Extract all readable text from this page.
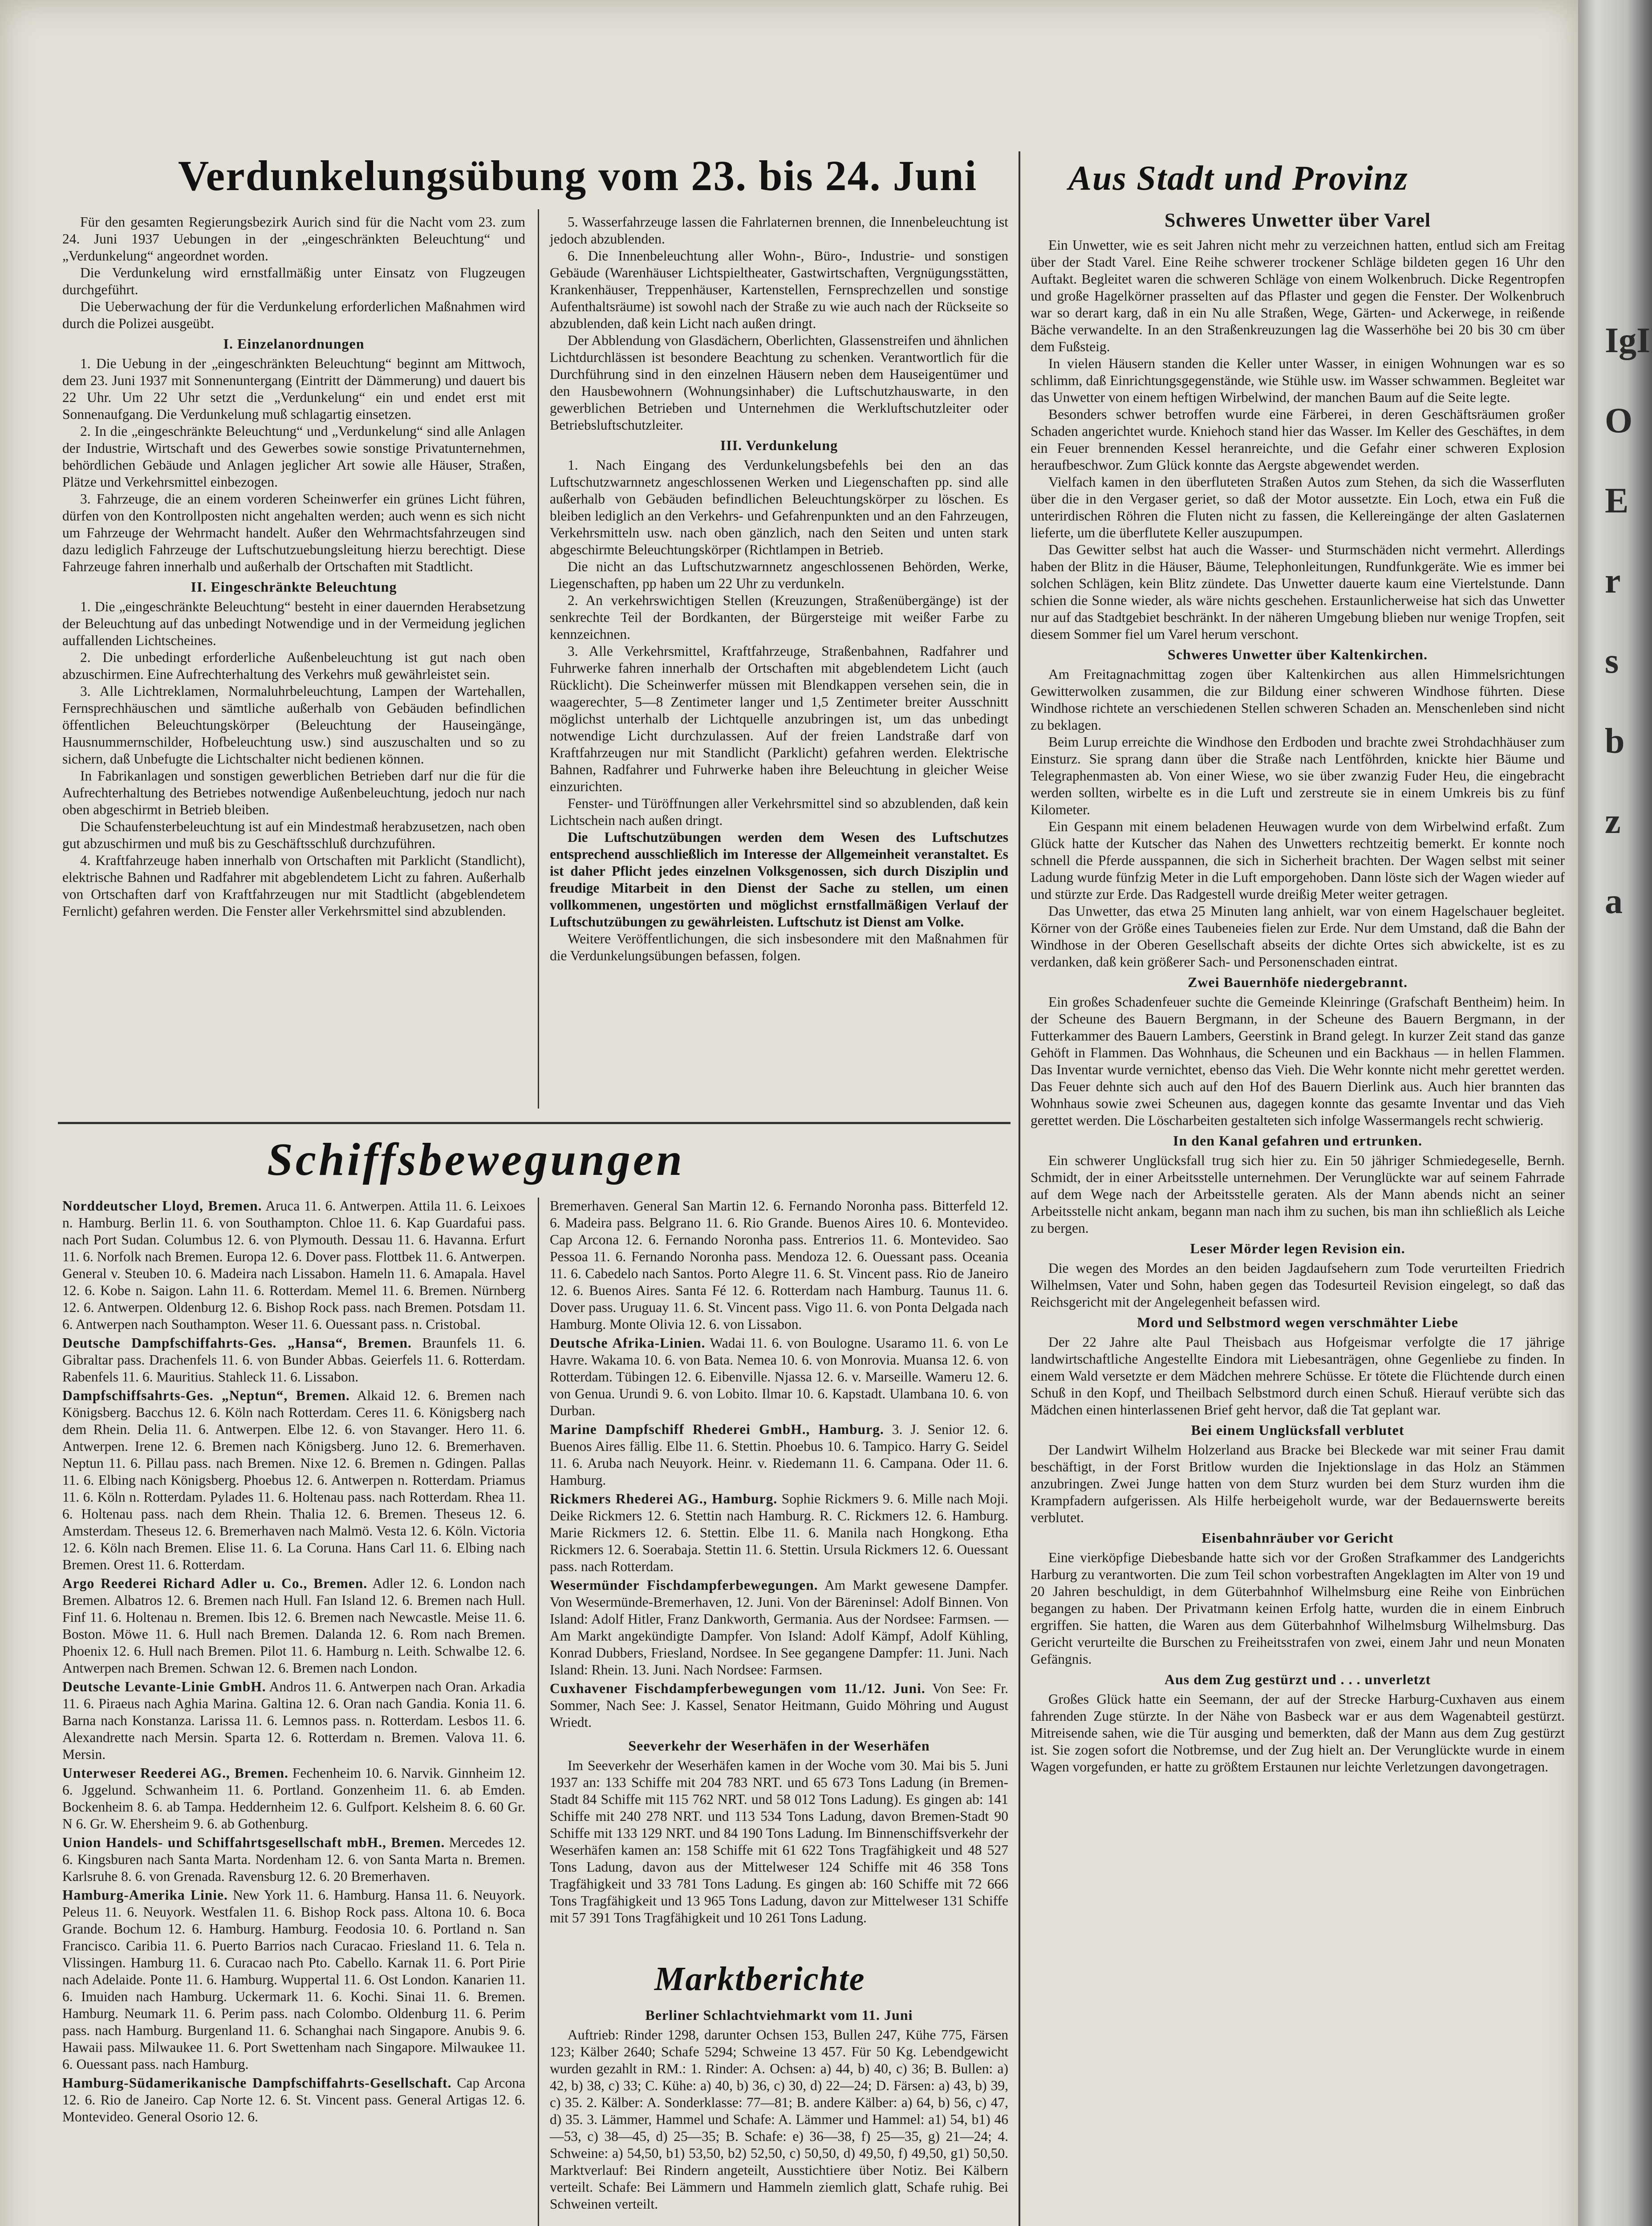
Verdunkelungsübung vom 23. bis 24. Juni	Aus Stadt und Provinz

Für den gesamten Regierungsbezirk Aurich sind für die Nacht vom 23. zum 24. Juni 1937 Uebungen in der „eingeschränkten Beleuchtung“ und „Verdunkelung“ angeordnet worden.

Die Verdunkelung wird ernstfallmäßig unter Einsatz von Flugzeugen durchgeführt.

Die Ueberwachung der für die Verdunkelung erforderlichen Maßnahmen wird durch die Polizei ausgeübt.

I. Einzelanordnungen

1. Die Uebung in der „eingeschränkten Beleuchtung“ beginnt am Mittwoch, dem 23. Juni 1937 mit Sonnenuntergang (Eintritt der Dämmerung) und dauert bis 22 Uhr. Um 22 Uhr setzt die „Verdunkelung“ ein und endet erst mit Sonnenaufgang. Die Verdunkelung muß schlagartig einsetzen.

2. In die „eingeschränkte Beleuchtung“ und „Verdunkelung“ sind alle Anlagen der Industrie, Wirtschaft und des Gewerbes sowie sonstige Privatunternehmen, behördlichen Gebäude und Anlagen jeglicher Art sowie alle Häuser, Straßen, Plätze und Verkehrsmittel einbezogen.

3. Fahrzeuge, die an einem vorderen Scheinwerfer ein grünes Licht führen, dürfen von den Kontrollposten nicht angehalten werden; auch wenn es sich nicht um Fahrzeuge der Wehrmacht handelt. Außer den Wehrmachtsfahrzeugen sind dazu lediglich Fahrzeuge der Luftschutzuebungsleitung hierzu berechtigt. Diese Fahrzeuge fahren innerhalb und außerhalb der Ortschaften mit Stadtlicht.

II. Eingeschränkte Beleuchtung

1. Die „eingeschränkte Beleuchtung“ besteht in einer dauernden Herabsetzung der Beleuchtung auf das unbedingt Notwendige und in der Vermeidung jeglichen auffallenden Lichtscheines.

2. Die unbedingt erforderliche Außenbeleuchtung ist gut nach oben abzuschirmen. Eine Aufrechterhaltung des Verkehrs muß gewährleistet sein.

3. Alle Lichtreklamen, Normaluhrbeleuchtung, Lampen der Wartehallen, Fernsprechhäuschen und sämtliche außerhalb von Gebäuden befindlichen öffentlichen Beleuchtungskörper (Beleuchtung der Hauseingänge, Hausnummernschilder, Hofbeleuchtung usw.) sind auszuschalten und so zu sichern, daß Unbefugte die Lichtschalter nicht bedienen können.

In Fabrikanlagen und sonstigen gewerblichen Betrieben darf nur die für die Aufrechterhaltung des Betriebes notwendige Außenbeleuchtung, jedoch nur nach oben abgeschirmt in Betrieb bleiben.

Die Schaufensterbeleuchtung ist auf ein Mindestmaß herabzusetzen, nach oben gut abzuschirmen und muß bis zu Geschäftsschluß durchzuführen.

4. Kraftfahrzeuge haben innerhalb von Ortschaften mit Parklicht (Standlicht), elektrische Bahnen und Radfahrer mit abgeblendetem Licht zu fahren. Außerhalb von Ortschaften darf von Kraftfahrzeugen nur mit Stadtlicht (abgeblendetem Fernlicht) gefahren werden. Die Fenster aller Verkehrsmittel sind abzublenden.

5. Wasserfahrzeuge lassen die Fahrlaternen brennen, die Innenbeleuchtung ist jedoch abzublenden.

6. Die Innenbeleuchtung aller Wohn-, Büro-, Industrie- und sonstigen Gebäude (Warenhäuser Lichtspieltheater, Gastwirtschaften, Vergnügungsstätten, Krankenhäuser, Treppenhäuser, Kartenstellen, Fernsprechzellen und sonstige Aufenthaltsräume) ist sowohl nach der Straße zu wie auch nach der Rückseite so abzublenden, daß kein Licht nach außen dringt.

Der Abblendung von Glasdächern, Oberlichten, Glassenstreifen und ähnlichen Lichtdurchlässen ist besondere Beachtung zu schenken. Verantwortlich für die Durchführung sind in den einzelnen Häusern neben dem Hauseigentümer und den Hausbewohnern (Wohnungsinhaber) die Luftschutzhauswarte, in den gewerblichen Betrieben und Unternehmen die Werkluftschutzleiter oder Betriebsluftschutzleiter.

III. Verdunkelung

1. Nach Eingang des Verdunkelungsbefehls bei den an das Luftschutzwarnnetz angeschlossenen Werken und Liegenschaften pp. sind alle außerhalb von Gebäuden befindlichen Beleuchtungskörper zu löschen. Es bleiben lediglich an den Verkehrs- und Gefahrenpunkten und an den Fahrzeugen, Verkehrsmitteln usw. nach oben gänzlich, nach den Seiten und unten stark abgeschirmte Beleuchtungskörper (Richtlampen in Betrieb.

Die nicht an das Luftschutzwarnnetz angeschlossenen Behörden, Werke, Liegenschaften, pp haben um 22 Uhr zu verdunkeln.

2. An verkehrswichtigen Stellen (Kreuzungen, Straßenübergänge) ist der senkrechte Teil der Bordkanten, der Bürgersteige mit weißer Farbe zu kennzeichnen.

3. Alle Verkehrsmittel, Kraftfahrzeuge, Straßenbahnen, Radfahrer und Fuhrwerke fahren innerhalb der Ortschaften mit abgeblendetem Licht (auch Rücklicht). Die Scheinwerfer müssen mit Blendkappen versehen sein, die in waagerechter, 5—8 Zentimeter langer und 1,5 Zentimeter breiter Ausschnitt möglichst unterhalb der Lichtquelle anzubringen ist, um das unbedingt notwendige Licht durchzulassen. Auf der freien Landstraße darf von Kraftfahrzeugen nur mit Standlicht (Parklicht) gefahren werden. Elektrische Bahnen, Radfahrer und Fuhrwerke haben ihre Beleuchtung in gleicher Weise einzurichten.

Fenster- und Türöffnungen aller Verkehrsmittel sind so abzublenden, daß kein Lichtschein nach außen dringt.

Die Luftschutzübungen werden dem Wesen des Luftschutzes entsprechend ausschließlich im Interesse der Allgemeinheit veranstaltet. Es ist daher Pflicht jedes einzelnen Volksgenossen, sich durch Disziplin und freudige Mitarbeit in den Dienst der Sache zu stellen, um einen vollkommenen, ungestörten und möglichst ernstfallmäßigen Verlauf der Luftschutzübungen zu gewährleisten. Luftschutz ist Dienst am Volke.

Weitere Veröffentlichungen, die sich insbesondere mit den Maßnahmen für die Verdunkelungsübungen befassen, folgen.

Schiffsbewegungen

Norddeutscher Lloyd, Bremen. Aruca 11. 6. Antwerpen. Attila 11. 6. Leixoes n. Hamburg. Berlin 11. 6. von Southampton. Chloe 11. 6. Kap Guardafui pass. nach Port Sudan. Columbus 12. 6. von Plymouth. Dessau 11. 6. Havanna. Erfurt 11. 6. Norfolk nach Bremen. Europa 12. 6. Dover pass. Flottbek 11. 6. Antwerpen. General v. Steuben 10. 6. Madeira nach Lissabon. Hameln 11. 6. Amapala. Havel 12. 6. Kobe n. Saigon. Lahn 11. 6. Rotterdam. Memel 11. 6. Bremen. Nürnberg 12. 6. Antwerpen. Oldenburg 12. 6. Bishop Rock pass. nach Bremen. Potsdam 11. 6. Antwerpen nach Southampton. Weser 11. 6. Ouessant pass. n. Cristobal.

Deutsche Dampfschiffahrts-Ges. „Hansa“, Bremen. Braunfels 11. 6. Gibraltar pass. Drachenfels 11. 6. von Bunder Abbas. Geierfels 11. 6. Rotterdam. Rabenfels 11. 6. Mauritius. Stahleck 11. 6. Lissabon.

Dampfschiffsahrts-Ges. „Neptun“, Bremen. Alkaid 12. 6. Bremen nach Königsberg. Bacchus 12. 6. Köln nach Rotterdam. Ceres 11. 6. Königsberg nach dem Rhein. Delia 11. 6. Antwerpen. Elbe 12. 6. von Stavanger. Hero 11. 6. Antwerpen. Irene 12. 6. Bremen nach Königsberg. Juno 12. 6. Bremerhaven. Neptun 11. 6. Pillau pass. nach Bremen. Nixe 12. 6. Bremen n. Gdingen. Pallas 11. 6. Elbing nach Königsberg. Phoebus 12. 6. Antwerpen n. Rotterdam. Priamus 11. 6. Köln n. Rotterdam. Pylades 11. 6. Holtenau pass. nach Rotterdam. Rhea 11. 6. Holtenau pass. nach dem Rhein. Thalia 12. 6. Bremen. Theseus 12. 6. Amsterdam. Theseus 12. 6. Bremerhaven nach Malmö. Vesta 12. 6. Köln. Victoria 12. 6. Köln nach Bremen. Elise 11. 6. La Coruna. Hans Carl 11. 6. Elbing nach Bremen. Orest 11. 6. Rotterdam.

Argo Reederei Richard Adler u. Co., Bremen. Adler 12. 6. London nach Bremen. Albatros 12. 6. Bremen nach Hull. Fan Island 12. 6. Bremen nach Hull. Finf 11. 6. Holtenau n. Bremen. Ibis 12. 6. Bremen nach Newcastle. Meise 11. 6. Boston. Möwe 11. 6. Hull nach Bremen. Dalanda 12. 6. Rom nach Bremen. Phoenix 12. 6. Hull nach Bremen. Pilot 11. 6. Hamburg n. Leith. Schwalbe 12. 6. Antwerpen nach Bremen. Schwan 12. 6. Bremen nach London.

Deutsche Levante-Linie GmbH. Andros 11. 6. Antwerpen nach Oran. Arkadia 11. 6. Piraeus nach Aghia Marina. Galtina 12. 6. Oran nach Gandia. Konia 11. 6. Barna nach Konstanza. Larissa 11. 6. Lemnos pass. n. Rotterdam. Lesbos 11. 6. Alexandrette nach Mersin. Sparta 12. 6. Rotterdam n. Bremen. Valova 11. 6. Mersin.

Unterweser Reederei AG., Bremen. Fechenheim 10. 6. Narvik. Ginnheim 12. 6. Jggelund. Schwanheim 11. 6. Portland. Gonzenheim 11. 6. ab Emden. Bockenheim 8. 6. ab Tampa. Heddernheim 12. 6. Gulfport. Kelsheim 8. 6. 60 Gr. N 6. Gr. W. Ehersheim 9. 6. ab Gothenburg.

Union Handels- und Schiffahrtsgesellschaft mbH., Bremen. Mercedes 12. 6. Kingsburen nach Santa Marta. Nordenham 12. 6. von Santa Marta n. Bremen. Karlsruhe 8. 6. von Grenada. Ravensburg 12. 6. 20 Bremerhaven.

Hamburg-Amerika Linie. New York 11. 6. Hamburg. Hansa 11. 6. Neuyork. Peleus 11. 6. Neuyork. Westfalen 11. 6. Bishop Rock pass. Altona 10. 6. Boca Grande. Bochum 12. 6. Hamburg. Hamburg. Feodosia 10. 6. Portland n. San Francisco. Caribia 11. 6. Puerto Barrios nach Curacao. Friesland 11. 6. Tela n. Vlissingen. Hamburg 11. 6. Curacao nach Pto. Cabello. Karnak 11. 6. Port Pirie nach Adelaide. Ponte 11. 6. Hamburg. Wuppertal 11. 6. Ost London. Kanarien 11. 6. Imuiden nach Hamburg. Uckermark 11. 6. Kochi. Sinai 11. 6. Bremen. Hamburg. Neumark 11. 6. Perim pass. nach Colombo. Oldenburg 11. 6. Perim pass. nach Hamburg. Burgenland 11. 6. Schanghai nach Singapore. Anubis 9. 6. Hawaii pass. Milwaukee 11. 6. Port Swettenham nach Singapore. Milwaukee 11. 6. Ouessant pass. nach Hamburg.

Hamburg-Südamerikanische Dampfschiffahrts-Gesellschaft. Cap Arcona 12. 6. Rio de Janeiro. Cap Norte 12. 6. St. Vincent pass. General Artigas 12. 6. Montevideo. General Osorio 12. 6.

Bremerhaven. General San Martin 12. 6. Fernando Noronha pass. Bitterfeld 12. 6. Madeira pass. Belgrano 11. 6. Rio Grande. Buenos Aires 10. 6. Montevideo. Cap Arcona 12. 6. Fernando Noronha pass. Entrerios 11. 6. Montevideo. Sao Pessoa 11. 6. Fernando Noronha pass. Mendoza 12. 6. Ouessant pass. Oceania 11. 6. Cabedelo nach Santos. Porto Alegre 11. 6. St. Vincent pass. Rio de Janeiro 12. 6. Buenos Aires. Santa Fé 12. 6. Rotterdam nach Hamburg. Taunus 11. 6. Dover pass. Uruguay 11. 6. St. Vincent pass. Vigo 11. 6. von Ponta Delgada nach Hamburg. Monte Olivia 12. 6. von Lissabon.

Deutsche Afrika-Linien. Wadai 11. 6. von Boulogne. Usaramo 11. 6. von Le Havre. Wakama 10. 6. von Bata. Nemea 10. 6. von Monrovia. Muansa 12. 6. von Rotterdam. Tübingen 12. 6. Eibenville. Njassa 12. 6. v. Marseille. Wameru 12. 6. von Genua. Urundi 9. 6. von Lobito. Ilmar 10. 6. Kapstadt. Ulambana 10. 6. von Durban.

Marine Dampfschiff Rhederei GmbH., Hamburg. 3. J. Senior 12. 6. Buenos Aires fällig. Elbe 11. 6. Stettin. Phoebus 10. 6. Tampico. Harry G. Seidel 11. 6. Aruba nach Neuyork. Heinr. v. Riedemann 11. 6. Campana. Oder 11. 6. Hamburg.

Rickmers Rhederei AG., Hamburg. Sophie Rickmers 9. 6. Mille nach Moji. Deike Rickmers 12. 6. Stettin nach Hamburg. R. C. Rickmers 12. 6. Hamburg. Marie Rickmers 12. 6. Stettin. Elbe 11. 6. Manila nach Hongkong. Etha Rickmers 12. 6. Soerabaja. Stettin 11. 6. Stettin. Ursula Rickmers 12. 6. Ouessant pass. nach Rotterdam.

Wesermünder Fischdampferbewegungen. Am Markt gewesene Dampfer. Von Wesermünde-Bremerhaven, 12. Juni. Von der Bäreninsel: Adolf Binnen. Von Island: Adolf Hitler, Franz Dankworth, Germania. Aus der Nordsee: Farmsen. — Am Markt angekündigte Dampfer. Von Island: Adolf Kämpf, Adolf Kühling, Konrad Dubbers, Friesland, Nordsee. In See gegangene Dampfer: 11. Juni. Nach Island: Rhein. 13. Juni. Nach Nordsee: Farmsen.

Cuxhavener Fischdampferbewegungen vom 11./12. Juni. Von See: Fr. Sommer, Nach See: J. Kassel, Senator Heitmann, Guido Möhring und August Wriedt.

Seeverkehr der Weserhäfen in der Weserhäfen

Im Seeverkehr der Weserhäfen kamen in der Woche vom 30. Mai bis 5. Juni 1937 an: 133 Schiffe mit 204 783 NRT. und 65 673 Tons Ladung (in Bremen-Stadt 84 Schiffe mit 115 762 NRT. und 58 012 Tons Ladung). Es gingen ab: 141 Schiffe mit 240 278 NRT. und 113 534 Tons Ladung, davon Bremen-Stadt 90 Schiffe mit 133 129 NRT. und 84 190 Tons Ladung. Im Binnenschiffsverkehr der Weserhäfen kamen an: 158 Schiffe mit 61 622 Tons Tragfähigkeit und 48 527 Tons Ladung, davon aus der Mittelweser 124 Schiffe mit 46 358 Tons Tragfähigkeit und 33 781 Tons Ladung. Es gingen ab: 160 Schiffe mit 72 666 Tons Tragfähigkeit und 13 965 Tons Ladung, davon zur Mittelweser 131 Schiffe mit 57 391 Tons Tragfähigkeit und 10 261 Tons Ladung.

Marktberichte
Berliner Schlachtviehmarkt vom 11. Juni

Auftrieb: Rinder 1298, darunter Ochsen 153, Bullen 247, Kühe 775, Färsen 123; Kälber 2640; Schafe 5294; Schweine 13 457. Für 50 Kg. Lebendgewicht wurden gezahlt in RM.: 1. Rinder: A. Ochsen: a) 44, b) 40, c) 36; B. Bullen: a) 42, b) 38, c) 33; C. Kühe: a) 40, b) 36, c) 30, d) 22—24; D. Färsen: a) 43, b) 39, c) 35. 2. Kälber: A. Sonderklasse: 77—81; B. andere Kälber: a) 64, b) 56, c) 47, d) 35. 3. Lämmer, Hammel und Schafe: A. Lämmer und Hammel: a1) 54, b1) 46—53, c) 38—45, d) 25—35; B. Schafe: e) 36—38, f) 25—35, g) 21—24; 4. Schweine: a) 54,50, b1) 53,50, b2) 52,50, c) 50,50, d) 49,50, f) 49,50, g1) 50,50. Marktverlauf: Bei Rindern angeteilt, Ausstichtiere über Notiz. Bei Kälbern verteilt. Schafe: Bei Lämmern und Hammeln ziemlich glatt, Schafe ruhig. Bei Schweinen verteilt.

Schweres Unwetter über Varel

Ein Unwetter, wie es seit Jahren nicht mehr zu verzeichnen hatten, entlud sich am Freitag über der Stadt Varel. Eine Reihe schwerer trockener Schläge bildeten gegen 16 Uhr den Auftakt. Begleitet waren die schweren Schläge von einem Wolkenbruch. Dicke Regentropfen und große Hagelkörner prasselten auf das Pflaster und gegen die Fenster. Der Wolkenbruch war so derart karg, daß in ein Nu alle Straßen, Wege, Gärten- und Ackerwege, in reißende Bäche verwandelte. In an den Straßenkreuzungen lag die Wasserhöhe bei 20 bis 30 cm über dem Fußsteig.

In vielen Häusern standen die Keller unter Wasser, in einigen Wohnungen war es so schlimm, daß Einrichtungsgegenstände, wie Stühle usw. im Wasser schwammen. Begleitet war das Unwetter von einem heftigen Wirbelwind, der manchen Baum auf die Seite legte.

Besonders schwer betroffen wurde eine Färberei, in deren Geschäftsräumen großer Schaden angerichtet wurde. Kniehoch stand hier das Wasser. Im Keller des Geschäftes, in dem ein Feuer brennenden Kessel heranreichte, und die Gefahr einer schweren Explosion heraufbeschwor. Zum Glück konnte das Aergste abgewendet werden.

Vielfach kamen in den überfluteten Straßen Autos zum Stehen, da sich die Wasserfluten über die in den Vergaser geriet, so daß der Motor aussetzte. Ein Loch, etwa ein Fuß die unterirdischen Röhren die Fluten nicht zu fassen, die Kellereingänge der alten Gaslaternen lieferte, um die überflutete Keller auszupumpen.

Das Gewitter selbst hat auch die Wasser- und Sturmschäden nicht vermehrt. Allerdings haben der Blitz in die Häuser, Bäume, Telephonleitungen, Rundfunkgeräte. Wie es immer bei solchen Schlägen, kein Blitz zündete. Das Unwetter dauerte kaum eine Viertelstunde. Dann schien die Sonne wieder, als wäre nichts geschehen. Erstaunlicherweise hat sich das Unwetter nur auf das Stadtgebiet beschränkt. In der näheren Umgebung blieben nur wenige Tropfen, seit diesem Sommer fiel um Varel herum verschont.

Schweres Unwetter über Kaltenkirchen.

Am Freitagnachmittag zogen über Kaltenkirchen aus allen Himmelsrichtungen Gewitterwolken zusammen, die zur Bildung einer schweren Windhose führten. Diese Windhose richtete an verschiedenen Stellen schweren Schaden an. Menschenleben sind nicht zu beklagen.

Beim Lurup erreichte die Windhose den Erdboden und brachte zwei Strohdachhäuser zum Einsturz. Sie sprang dann über die Straße nach Lentföhrden, knickte hier Bäume und Telegraphenmasten ab. Von einer Wiese, wo sie über zwanzig Fuder Heu, die eingebracht werden sollten, wirbelte es in die Luft und zerstreute sie in einem Umkreis bis zu fünf Kilometer.

Ein Gespann mit einem beladenen Heuwagen wurde von dem Wirbelwind erfaßt. Zum Glück hatte der Kutscher das Nahen des Unwetters rechtzeitig bemerkt. Er konnte noch schnell die Pferde ausspannen, die sich in Sicherheit brachten. Der Wagen selbst mit seiner Ladung wurde fünfzig Meter in die Luft emporgehoben. Dann löste sich der Wagen wieder auf und stürzte zur Erde. Das Radgestell wurde dreißig Meter weiter getragen.

Das Unwetter, das etwa 25 Minuten lang anhielt, war von einem Hagelschauer begleitet. Körner von der Größe eines Taubeneies fielen zur Erde. Nur dem Umstand, daß die Bahn der Windhose in der Oberen Gesellschaft abseits der dichte Ortes sich abwickelte, ist es zu verdanken, daß kein größerer Sach- und Personenschaden eintrat.

Zwei Bauernhöfe niedergebrannt.

Ein großes Schadenfeuer suchte die Gemeinde Kleinringe (Grafschaft Bentheim) heim. In der Scheune des Bauern Bergmann, in der Scheune des Bauern Bergmann, in der Futterkammer des Bauern Lambers, Geerstink in Brand gelegt. In kurzer Zeit stand das ganze Gehöft in Flammen. Das Wohnhaus, die Scheunen und ein Backhaus — in hellen Flammen. Das Inventar wurde vernichtet, ebenso das Vieh. Die Wehr konnte nicht mehr gerettet werden. Das Feuer dehnte sich auch auf den Hof des Bauern Dierlink aus. Auch hier brannten das Wohnhaus sowie zwei Scheunen aus, dagegen konnte das gesamte Inventar und das Vieh gerettet werden. Die Löscharbeiten gestalteten sich infolge Wassermangels recht schwierig.

In den Kanal gefahren und ertrunken.

Ein schwerer Unglücksfall trug sich hier zu. Ein 50 jähriger Schmiedegeselle, Bernh. Schmidt, der in einer Arbeitsstelle unternehmen. Der Verunglückte war auf seinem Fahrrade auf dem Wege nach der Arbeitsstelle geraten. Als der Mann abends nicht an seiner Arbeitsstelle nicht ankam, begann man nach ihm zu suchen, bis man ihn schließlich als Leiche zu bergen.

Leser Mörder legen Revision ein.

Die wegen des Mordes an den beiden Jagdaufsehern zum Tode verurteilten Friedrich Wilhelmsen, Vater und Sohn, haben gegen das Todesurteil Revision eingelegt, so daß das Reichsgericht mit der Angelegenheit befassen wird.

Mord und Selbstmord wegen verschmähter Liebe

Der 22 Jahre alte Paul Theisbach aus Hofgeismar verfolgte die 17 jährige landwirtschaftliche Angestellte Eindora mit Liebesanträgen, ohne Gegenliebe zu finden. In einem Wald versetzte er dem Mädchen mehrere Schüsse. Er tötete die Flüchtende durch einen Schuß in den Kopf, und Theilbach Selbstmord durch einen Schuß. Hierauf verübte sich das Mädchen einen hinterlassenen Brief geht hervor, daß die Tat geplant war.

Bei einem Unglücksfall verblutet

Der Landwirt Wilhelm Holzerland aus Bracke bei Bleckede war mit seiner Frau damit beschäftigt, in der Forst Britlow wurden die Injektionslage in das Holz an Stämmen anzubringen. Zwei Junge hatten von dem Sturz wurden bei dem Sturz wurden ihm die Krampfadern aufgerissen. Als Hilfe herbeigeholt wurde, war der Bedauernswerte bereits verblutet.

Eisenbahnräuber vor Gericht

Eine vierköpfige Diebesbande hatte sich vor der Großen Strafkammer des Landgerichts Harburg zu verantworten. Die zum Teil schon vorbestraften Angeklagten im Alter von 19 und 20 Jahren beschuldigt, in dem Güterbahnhof Wilhelmsburg eine Reihe von Einbrüchen begangen zu haben. Der Privatmann keinen Erfolg hatte, wurden die in einem Einbruch ergriffen. Sie hatten, die Waren aus dem Güterbahnhof Wilhelmsburg Wilhelmsburg. Das Gericht verurteilte die Burschen zu Freiheitsstrafen von zwei, einem Jahr und neun Monaten Gefängnis.

Aus dem Zug gestürzt und . . . unverletzt

Großes Glück hatte ein Seemann, der auf der Strecke Harburg-Cuxhaven aus einem fahrenden Zuge stürzte. In der Nähe von Basbeck war er aus dem Wagenabteil gestürzt. Mitreisende sahen, wie die Tür ausging und bemerkten, daß der Mann aus dem Zug gestürzt ist. Sie zogen sofort die Notbremse, und der Zug hielt an. Der Verunglückte wurde in einem Wagen vorgefunden, er hatte zu größtem Erstaunen nur leichte Verletzungen davongetragen.

IgI

O

E

r

s

b

z

a
